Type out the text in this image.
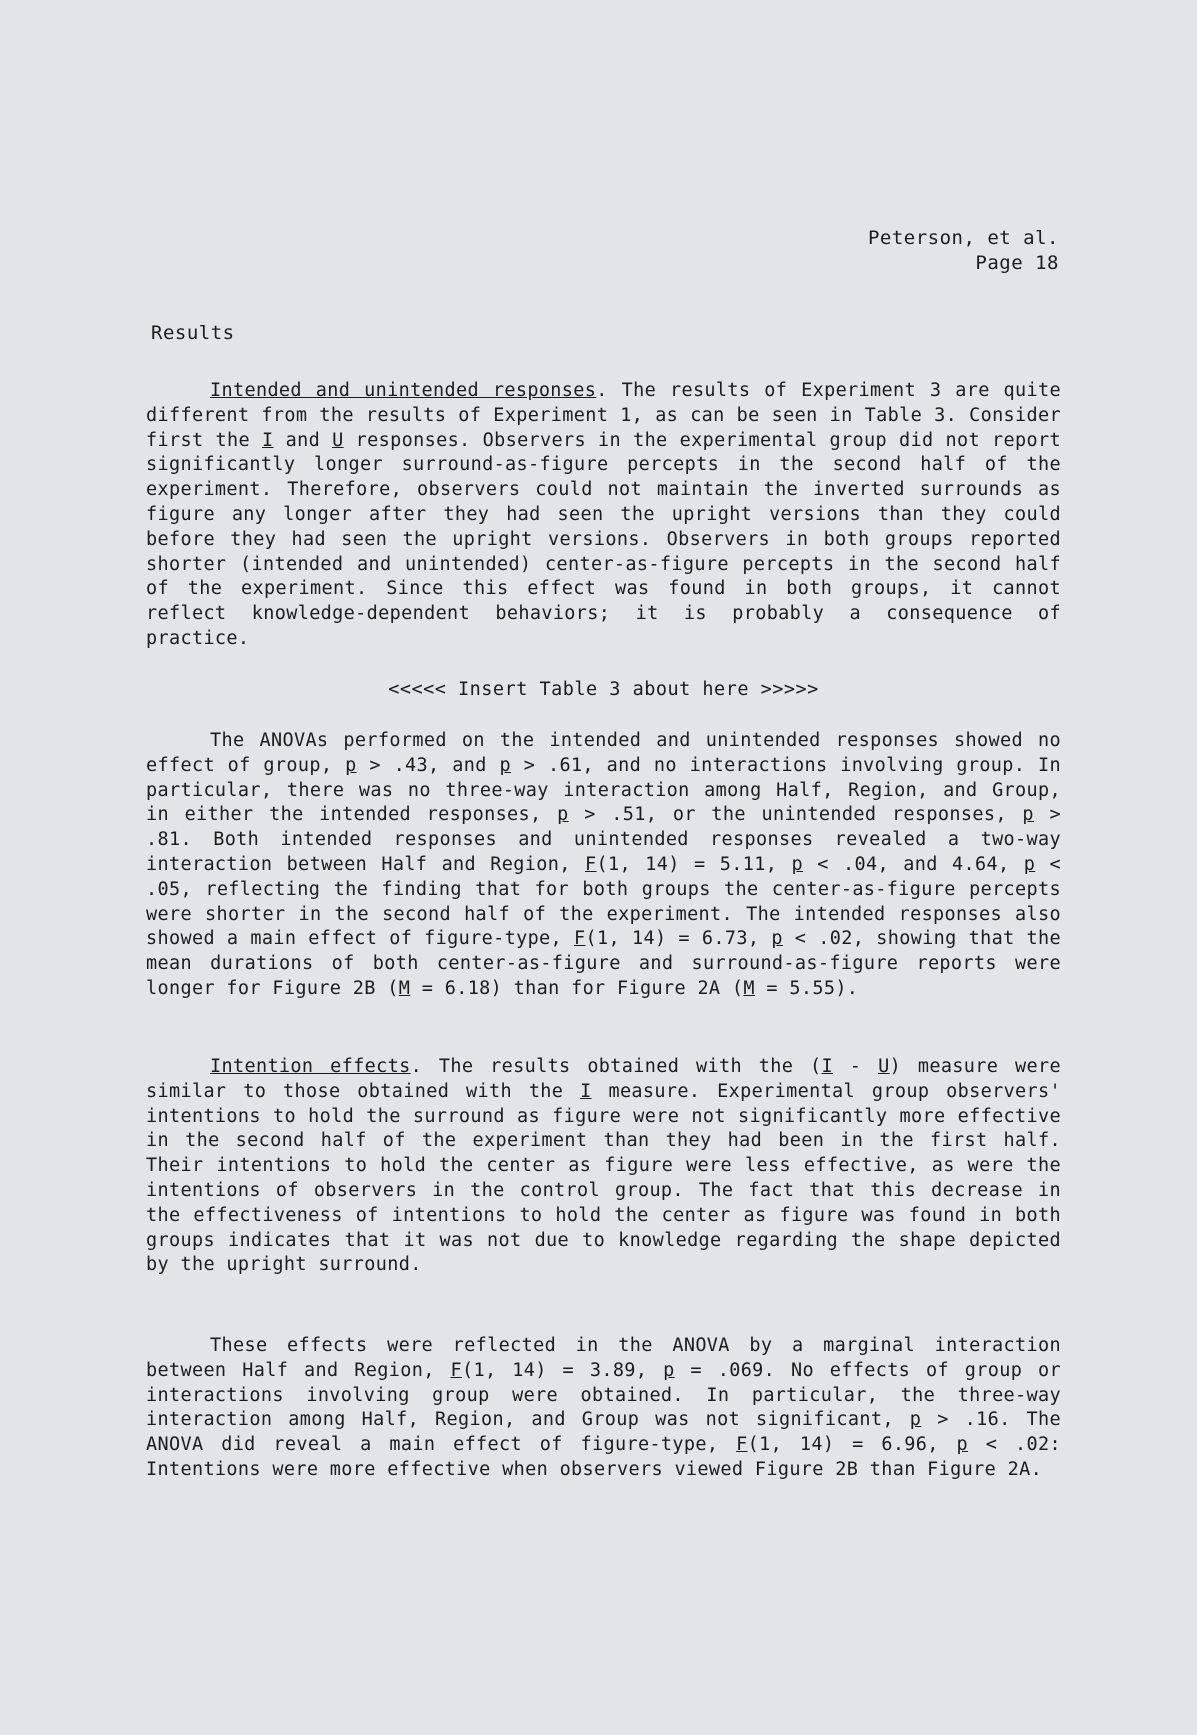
Peterson, et al.
Page 18
Results

Intended and unintended responses. The results of Experiment 3 are quite different from the results of Experiment 1, as can be seen in Table 3. Consider first the I and U responses. Observers in the experimental group did not report significantly longer surround-as-figure percepts in the second half of the experiment. Therefore, observers could not maintain the inverted surrounds as figure any longer after they had seen the upright versions than they could before they had seen the upright versions. Observers in both groups reported shorter (intended and unintended) center-as-figure percepts in the second half of the experiment. Since this effect was found in both groups, it cannot reflect knowledge-dependent behaviors; it is probably a consequence of practice.

<<<<< Insert Table 3 about here >>>>>

The ANOVAs performed on the intended and unintended responses showed no effect of group, p > .43, and p > .61, and no interactions involving group. In particular, there was no three-way interaction among Half, Region, and Group, in either the intended responses, p > .51, or the unintended responses, p > .81. Both intended responses and unintended responses revealed a two-way interaction between Half and Region, F(1, 14) = 5.11, p < .04, and 4.64, p < .05, reflecting the finding that for both groups the center-as-figure percepts were shorter in the second half of the experiment. The intended responses also showed a main effect of figure-type, F(1, 14) = 6.73, p < .02, showing that the mean durations of both center-as-figure and surround-as-figure reports were longer for Figure 2B (M = 6.18) than for Figure 2A (M = 5.55).

Intention effects. The results obtained with the (I - U) measure were similar to those obtained with the I measure. Experimental group observers' intentions to hold the surround as figure were not significantly more effective in the second half of the experiment than they had been in the first half. Their intentions to hold the center as figure were less effective, as were the intentions of observers in the control group. The fact that this decrease in the effectiveness of intentions to hold the center as figure was found in both groups indicates that it was not due to knowledge regarding the shape depicted by the upright surround.

These effects were reflected in the ANOVA by a marginal interaction between Half and Region, F(1, 14) = 3.89, p = .069. No effects of group or interactions involving group were obtained. In particular, the three-way interaction among Half, Region, and Group was not significant, p > .16. The ANOVA did reveal a main effect of figure-type, F(1, 14) = 6.96, p < .02: Intentions were more effective when observers viewed Figure 2B than Figure 2A.
